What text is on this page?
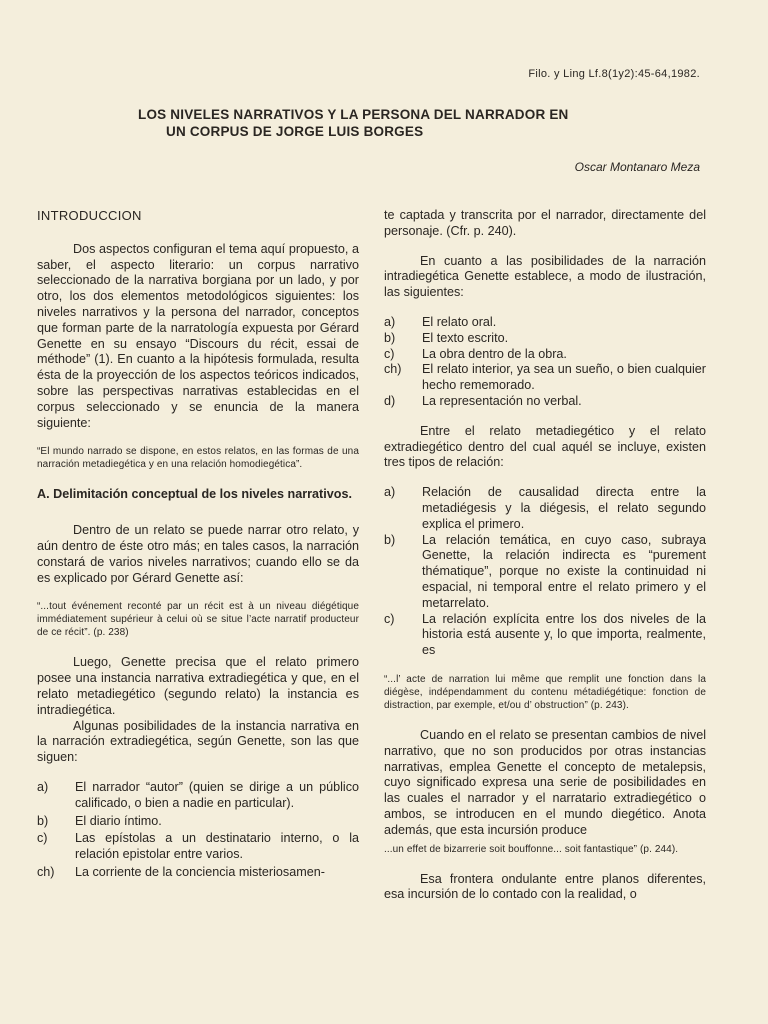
Filo. y Ling Lf.8(1y2):45-64,1982.
LOS NIVELES NARRATIVOS Y LA PERSONA DEL NARRADOR EN
UN CORPUS DE JORGE LUIS BORGES
Oscar Montanaro Meza
INTRODUCCION

Dos aspectos configuran el tema aquí propuesto, a saber, el aspecto literario: un corpus narrativo seleccionado de la narrativa borgiana por un lado, y por otro, los dos elementos metodológicos siguientes: los niveles narrativos y la persona del narrador, conceptos que forman parte de la narratología expuesta por Gérard Genette en su ensayo “Discours du récit, essai de méthode” (1). En cuanto a la hipótesis formulada, resulta ésta de la proyección de los aspectos teóricos indicados, sobre las perspectivas narrativas establecidas en el corpus seleccionado y se enuncia de la manera siguiente:

“El mundo narrado se dispone, en estos relatos, en las formas de una narración metadiegética y en una relación homodiegética”.
A. Delimitación conceptual de los niveles narrativos.

Dentro de un relato se puede narrar otro relato, y aún dentro de éste otro más; en tales casos, la narración constará de varios niveles narrativos; cuando ello se da es explicado por Gérard Genette así:

“...tout événement reconté par un récit est à un niveau diégétique immédiatement supérieur à celui où se situe l’acte narratif producteur de ce récit”. (p. 238)

Luego, Genette precisa que el relato primero posee una instancia narrativa extradiegética y que, en el relato metadiegético (segundo relato) la instancia es intradiegética.

Algunas posibilidades de la instancia narrativa en la narración extradiegética, según Genette, son las que siguen:

a)	El narrador “autor” (quien se dirige a un público calificado, o bien a nadie en particular).
b)	El diario íntimo.
c)	Las epístolas a un destinatario interno, o la relación epistolar entre varios.
ch)	La corriente de la conciencia misteriosamen-

te captada y transcrita por el narrador, directamente del personaje. (Cfr. p. 240).

En cuanto a las posibilidades de la narración intradiegética Genette establece, a modo de ilustración, las siguientes:

a)	El relato oral.
b)	El texto escrito.
c)	La obra dentro de la obra.
ch)	El relato interior, ya sea un sueño, o bien cualquier hecho rememorado.
d)	La representación no verbal.

Entre el relato metadiegético y el relato extradiegético dentro del cual aquél se incluye, existen tres tipos de relación:

a)	Relación de causalidad directa entre la metadiégesis y la diégesis, el relato segundo explica el primero.
b)	La relación temática, en cuyo caso, subraya Genette, la relación indirecta es “purement thématique”, porque no existe la continuidad ni espacial, ni temporal entre el relato primero y el metarrelato.
c)	La relación explícita entre los dos niveles de la historia está ausente y, lo que importa, realmente, es
“...l’ acte de narration lui même que remplit une fonction dans la diégèse, indépendamment du contenu métadiégétique: fonction de distraction, par exemple, et/ou d’ obstruction” (p. 243).

Cuando en el relato se presentan cambios de nivel narrativo, que no son producidos por otras instancias narrativas, emplea Genette el concepto de metalepsis, cuyo significado expresa una serie de posibilidades en las cuales el narrador y el narratario extradiegético o ambos, se introducen en el mundo diegético. Anota además, que esta incursión produce

...un effet de bizarrerie soit bouffonne... soit fantastique” (p. 244).

Esa frontera ondulante entre planos diferentes, esa incursión de lo contado con la realidad, o
